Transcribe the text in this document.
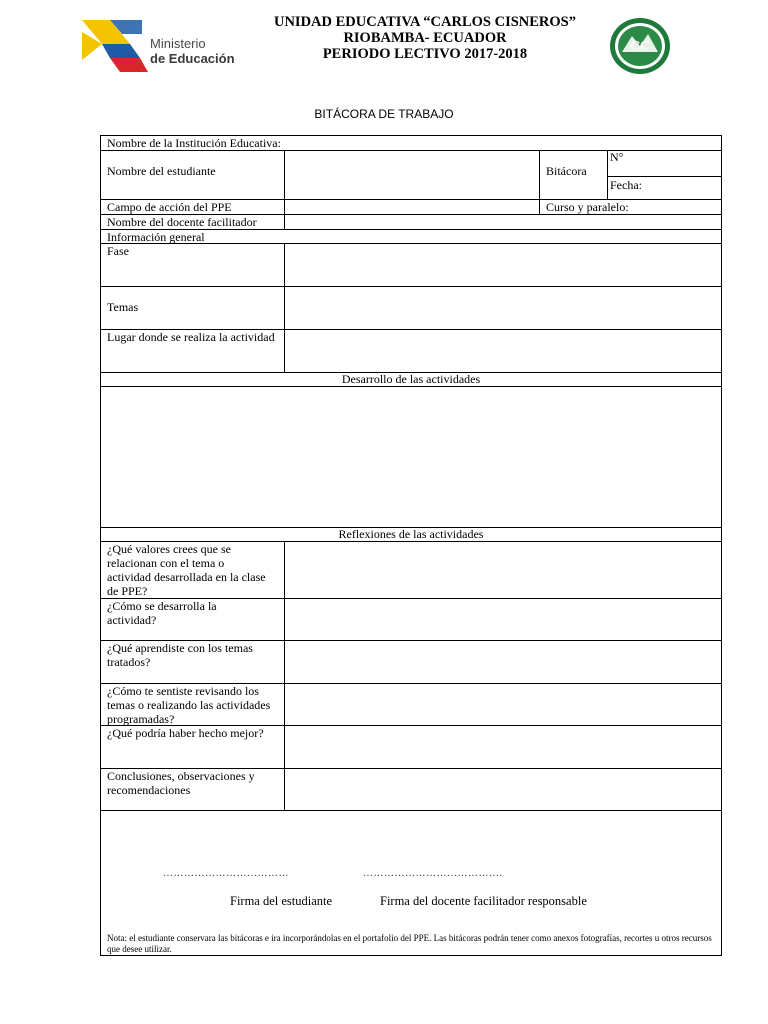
Ministerio
de Educación
UNIDAD EDUCATIVA “CARLOS CISNEROS”
RIOBAMBA- ECUADOR
PERIODO LECTIVO 2017-2018	CC
BITÁCORA DE TRABAJO
Nombre de la Institución Educativa:
Nombre del estudiante	Bitácora
N°
Fecha:
Campo de acción del PPE	Curso y paralelo:
Nombre del docente facilitador
Información general
Fase
Temas
Lugar donde se realiza la actividad
Desarrollo de las actividades
Reflexiones de las actividades
¿Qué valores crees que se relacionan con el tema o actividad desarrollada en la clase de PPE?
¿Cómo se desarrolla la actividad?
¿Qué aprendiste con los temas tratados?
¿Cómo te sentiste revisando los temas o realizando las actividades programadas?
¿Qué podría haber hecho mejor?
Conclusiones, observaciones y recomendaciones
………………………………	………………………………….
Firma del estudiante	Firma del docente facilitador responsable
Nota: el estudiante conservara las bitácoras e ira incorporándolas en el portafolio del PPE. Las bitácoras podrán tener como anexos fotografías, recortes u otros recursos que desee utilizar.
